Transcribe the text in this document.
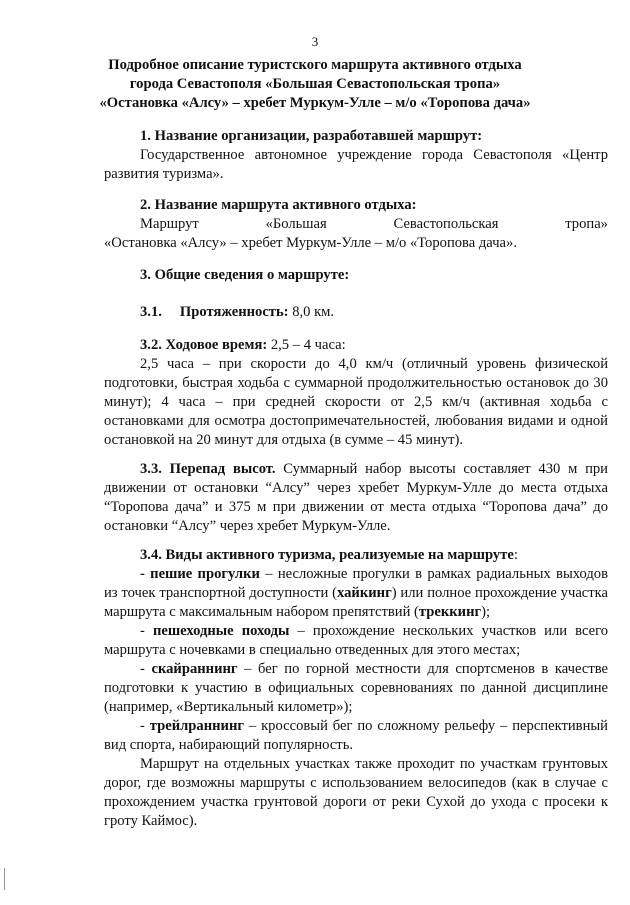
3
Подробное описание туристского маршрута активного отдыха
города Севастополя «Большая Севастопольская тропа»
«Остановка «Алсу» – хребет Муркум-Улле – м/о «Торопова дача»
1. Название организации, разработавшей маршрут:
Государственное автономное учреждение города Севастополя «Центр развития туризма».
2. Название маршрута активного отдыха:
Маршрут	«Большая	Севастопольская	тропа»
«Остановка «Алсу» – хребет Муркум-Улле – м/о «Торопова дача».
3. Общие сведения о маршруте:
3.1. Протяженность: 8,0 км.
3.2. Ходовое время: 2,5 – 4 часа:
2,5 часа – при скорости до 4,0 км/ч (отличный уровень физической подготовки, быстрая ходьба с суммарной продолжительностью остановок до 30 минут); 4 часа – при средней скорости от 2,5 км/ч (активная ходьба с остановками для осмотра достопримечательностей, любования видами и одной остановкой на 20 минут для отдыха (в сумме – 45 минут).
3.3. Перепад высот. Суммарный набор высоты составляет 430 м при движении от остановки “Алсу” через хребет Муркум-Улле до места отдыха “Торопова дача” и 375 м при движении от места отдыха “Торопова дача” до остановки “Алсу” через хребет Муркум-Улле.
3.4. Виды активного туризма, реализуемые на маршруте:
- пешие прогулки – несложные прогулки в рамках радиальных выходов из точек транспортной доступности (хайкинг) или полное прохождение участка маршрута с максимальным набором препятствий (треккинг);
- пешеходные походы – прохождение нескольких участков или всего маршрута с ночевками в специально отведенных для этого местах;
- скайраннинг – бег по горной местности для спортсменов в качестве подготовки к участию в официальных соревнованиях по данной дисциплине (например, «Вертикальный километр»);
- трейлраннинг – кроссовый бег по сложному рельефу – перспективный вид спорта, набирающий популярность.
Маршрут на отдельных участках также проходит по участкам грунтовых дорог, где возможны маршруты с использованием велосипедов (как в случае с прохождением участка грунтовой дороги от реки Сухой до ухода с просеки к гроту Каймос).
